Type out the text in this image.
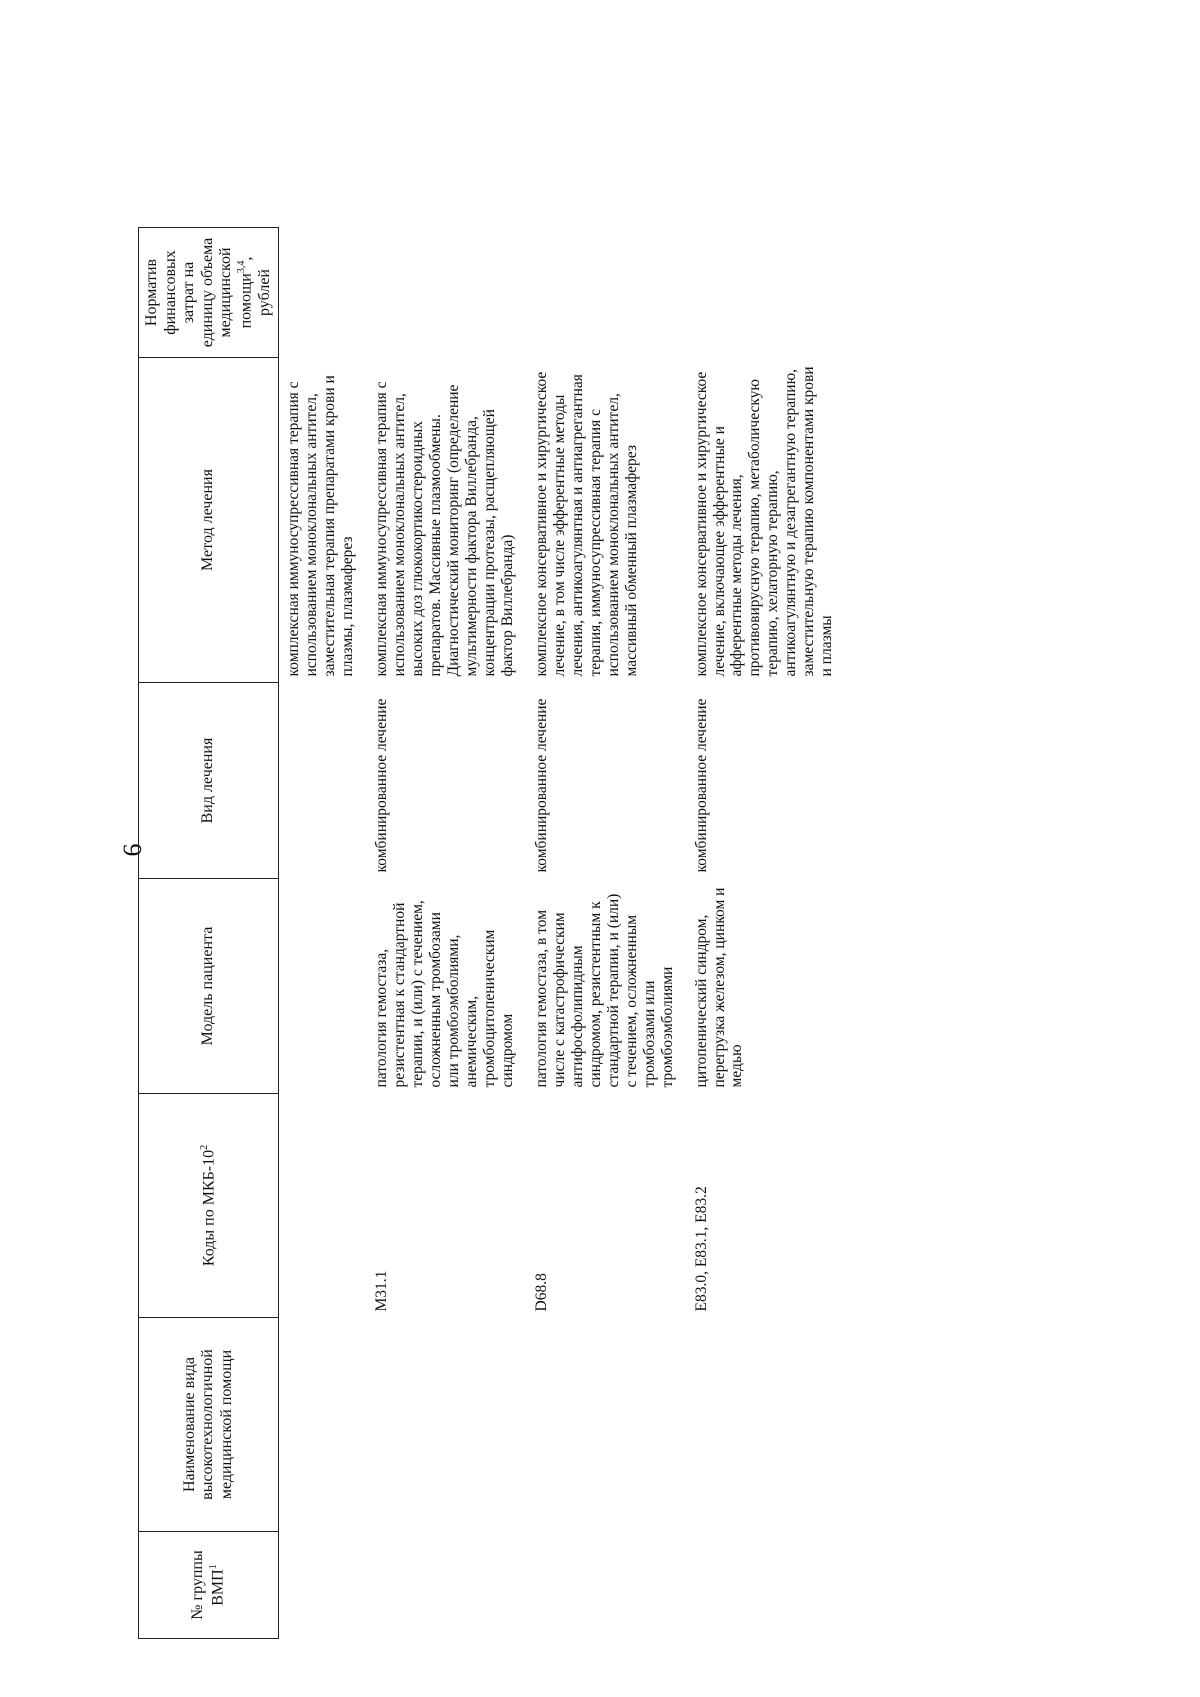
6
№ группы ВМП$^1$	Наименование вида высокотехнологичной медицинской помощи	Коды по МКБ-$10^2$	Модель пациента	Вид лечения	Метод лечения	Норматив финансовых затрат на единицу объема медицинской помощи$^{3,4}$, рублей
					комплексная иммуносупрессивная терапия с использованием моноклональных антител, заместительная терапия препаратами крови и плазмы, плазмаферез	
		M31.1	патология гемостаза, резистентная к стандартной терапии, и (или) с течением, осложненным тромбозами или тромбоэмболиями, анемическим, тромбоцитопеническим синдромом	комбинированное лечение	комплексная иммуносупрессивная терапия с использованием моноклональных антител, высоких доз глюкокортикостероидных препаратов. Массивные плазмообмены. Диагностический мониторинг (определение мультимерности фактора Виллебранда, концентрации протеазы, расщепляющей фактор Виллебранда)	
		D68.8	патология гемостаза, в том числе с катастрофическим антифосфолипидным синдромом, резистентным к стандартной терапии, и (или) с течением, осложненным тромбозами или тромбоэмболиями	комбинированное лечение	комплексное консервативное и хирургическое лечение, в том числе эфферентные методы лечения, антикоагулянтная и антиагрегантная терапия, иммуносупрессивная терапия с использованием моноклональных антител, массивный обменный плазмаферез	
		E83.0, E83.1, E83.2	цитопенический синдром, перегрузка железом, цинком и медью	комбинированное лечение	комплексное консервативное и хирургическое лечение, включающее эфферентные и афферентные методы лечения, противовирусную терапию, метаболическую терапию, хелаторную терапию, антикоагулянтную и дезагрегантную терапию, заместительную терапию компонентами крови и плазмы	
